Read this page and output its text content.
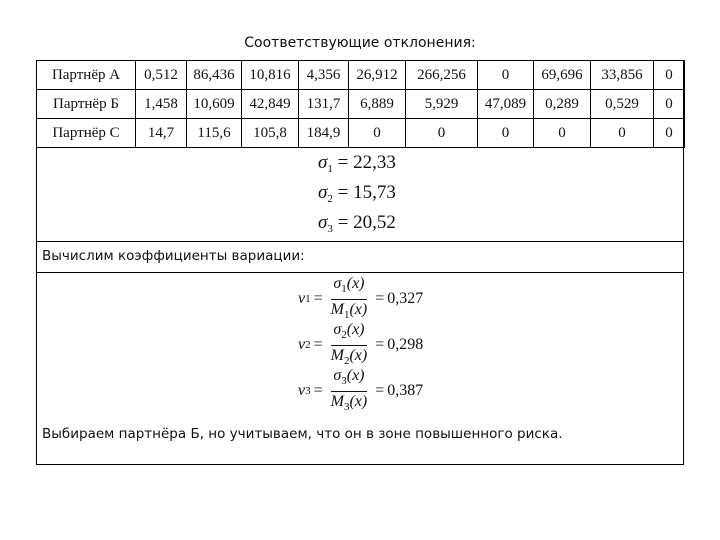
Соответствующие отклонения:
Партнёр А	0,512	86,436	10,816	4,356	26,912	266,256	0	69,696	33,856	0
Партнёр Б	1,458	10,609	42,849	131,7	6,889	5,929	47,089	0,289	0,529	0
Партнёр С	14,7	115,6	105,8	184,9	0	0	0	0	0	0
$\sigma_1 = 22,33$
$\sigma_2 = 15,73$
$\sigma_3 = 20,52$
Вычислим коэффициенты вариации:
ν $1 = \frac{\sigma_1(x)}{M_1(x)} = 0,327$
ν $2 = \frac{\sigma_2(x)}{M_2(x)} = 0,298$
ν $3 = \frac{\sigma_3(x)}{M_3(x)} = 0,387$
Выбираем партнёра Б, но учитываем, что он в зоне повышенного риска.
